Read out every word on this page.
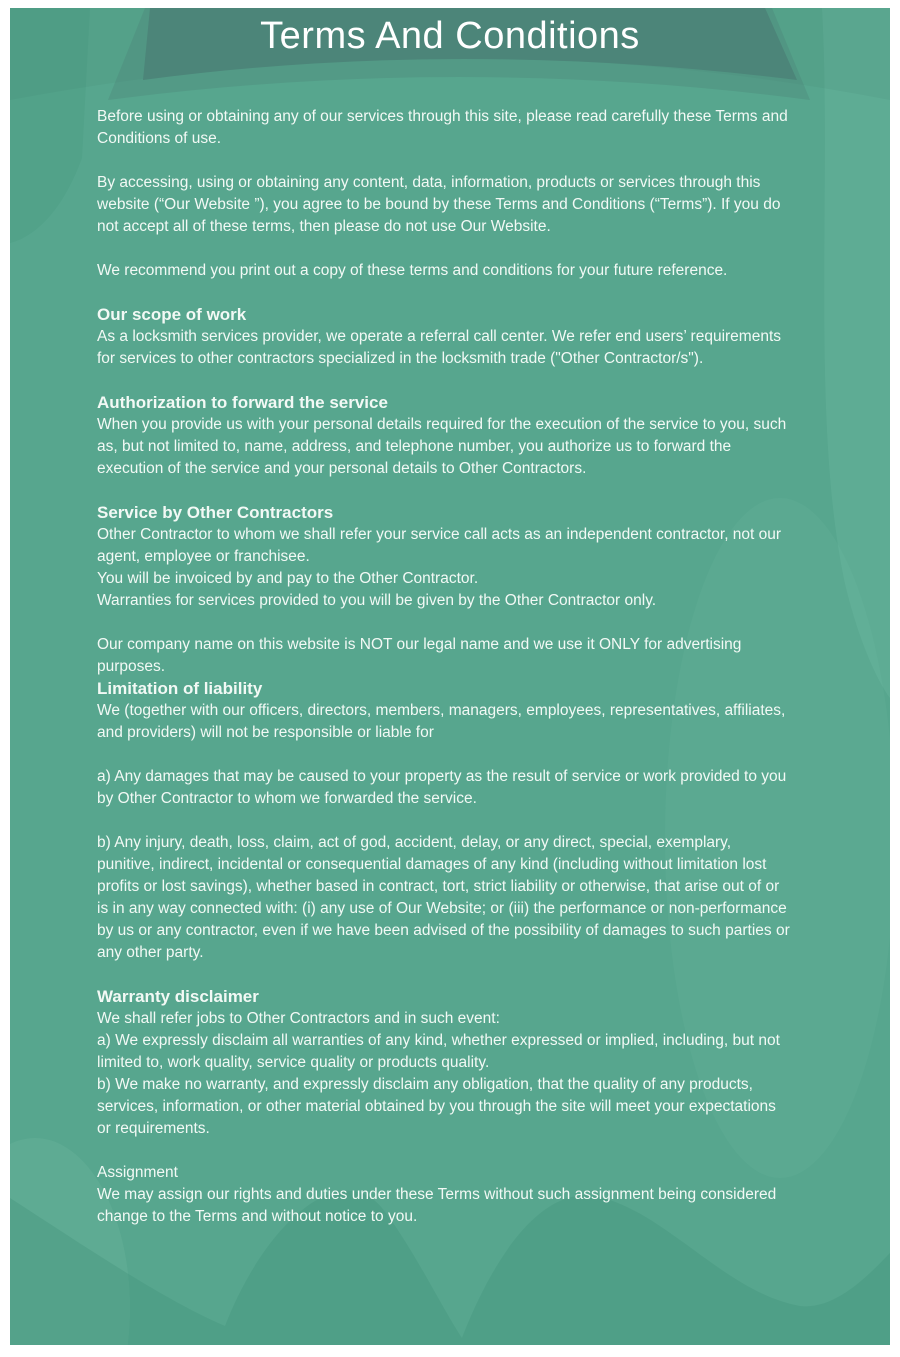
Terms And Conditions
Before using or obtaining any of our services through this site, please read carefully these Terms and Conditions of use.
By accessing, using or obtaining any content, data, information, products or services through this website (“Our Website ”), you agree to be bound by these Terms and Conditions (“Terms”). If you do not accept all of these terms, then please do not use Our Website.
We recommend you print out a copy of these terms and conditions for your future reference.
Our scope of work
As a locksmith services provider, we operate a referral call center. We refer end users’ requirements for services to other contractors specialized in the locksmith trade ("Other Contractor/s").
Authorization to forward the service
When you provide us with your personal details required for the execution of the service to you, such as, but not limited to, name, address, and telephone number, you authorize us to forward the execution of the service and your personal details to Other Contractors.
Service by Other Contractors
Other Contractor to whom we shall refer your service call acts as an independent contractor, not our agent, employee or franchisee.
You will be invoiced by and pay to the Other Contractor.
Warranties for services provided to you will be given by the Other Contractor only.
Our company name on this website is NOT our legal name and we use it ONLY for advertising purposes.
Limitation of liability
We (together with our officers, directors, members, managers, employees, representatives, affiliates, and providers) will not be responsible or liable for
a) Any damages that may be caused to your property as the result of service or work provided to you by Other Contractor to whom we forwarded the service.
b) Any injury, death, loss, claim, act of god, accident, delay, or any direct, special, exemplary, punitive, indirect, incidental or consequential damages of any kind (including without limitation lost profits or lost savings), whether based in contract, tort, strict liability or otherwise, that arise out of or is in any way connected with: (i) any use of Our Website; or (iii) the performance or non-performance by us or any contractor, even if we have been advised of the possibility of damages to such parties or any other party.
Warranty disclaimer
We shall refer jobs to Other Contractors and in such event:
a) We expressly disclaim all warranties of any kind, whether expressed or implied, including, but not limited to, work quality, service quality or products quality.
b) We make no warranty, and expressly disclaim any obligation, that the quality of any products, services, information, or other material obtained by you through the site will meet your expectations or requirements.
Assignment
We may assign our rights and duties under these Terms without such assignment being considered change to the Terms and without notice to you.
